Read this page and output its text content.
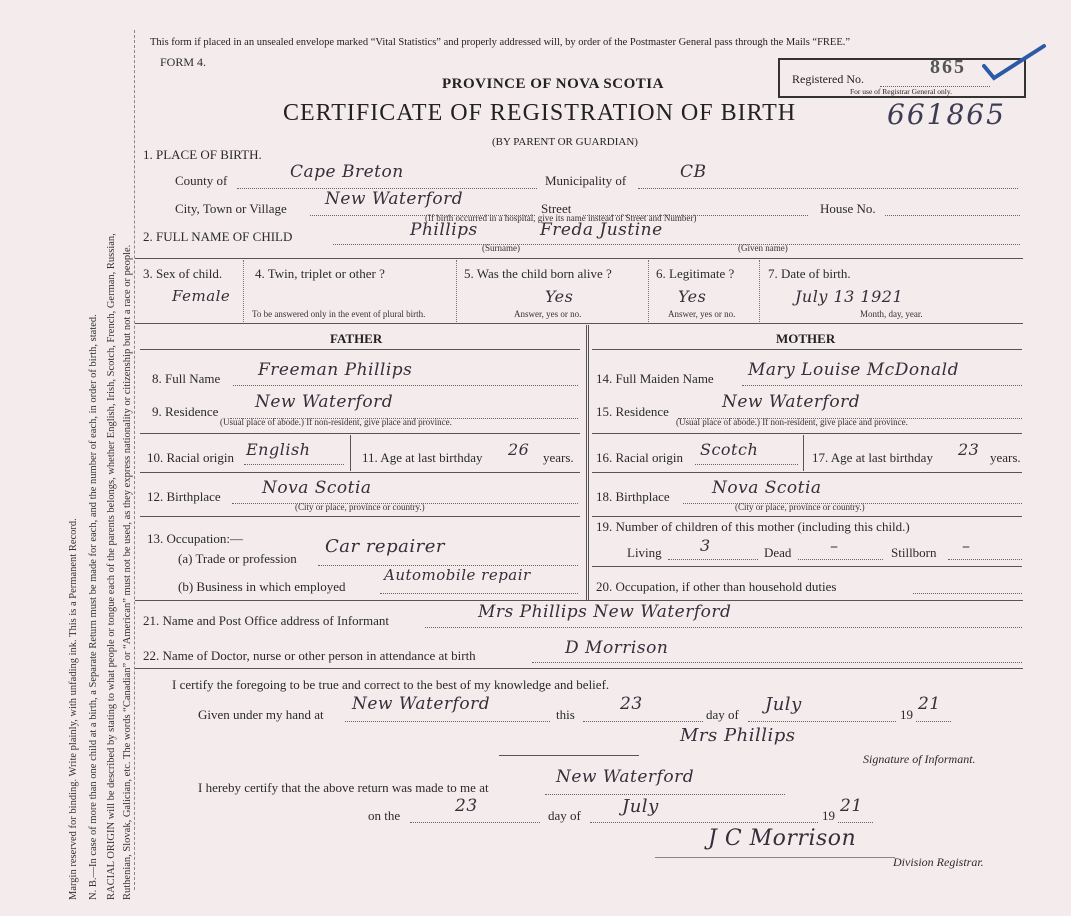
Margin reserved for binding. Write plainly, with unfading ink. This is a Permanent Record. N. B.—In case of more than one child at a birth, a Separate Return must be made for each, and the number of each, in order of birth, stated. RACIAL ORIGIN will be described by stating to what people or tongue each of the parents belongs, whether English, Irish, Scotch, French, German, Russian, Ruthenian, Slovak, Galician, etc. The words “Canadian” or “American” must not be used, as they express nationality or citizenship but not a race or people.
This form if placed in an unsealed envelope marked “Vital Statistics” and properly addressed will, by order of the Postmaster General pass through the Mails “FREE.”
FORM 4.
PROVINCE OF NOVA SCOTIA	Registered No.
865
For use of Registrar General only.
CERTIFICATE OF REGISTRATION OF BIRTH	661865
(BY PARENT OR GUARDIAN)
1. PLACE OF BIRTH.
County of	Cape Breton	Municipality of	CB
City, Town or Village New Waterford	Street	House No.
(If birth occurred in a hospital, give its name instead of Street and Number)
2. FULL NAME OF CHILD	Phillips	Freda Justine
(Surname)	(Given name)
3. Sex of child.
Female
4. Twin, triplet or other ?
To be answered only in the event of plural birth.
5. Was the child born alive ?
Yes
Answer, yes or no.
6. Legitimate ?
Yes
Answer, yes or no.
7. Date of birth.
July 13 1921
Month, day, year.
FATHER	MOTHER
8. Full Name Freeman Phillips
9. Residence New Waterford
(Usual place of abode.) If non-resident, give place and province.
10. Racial origin English	11. Age at last birthday 26 years.
12. Birthplace Nova Scotia
(City or place, province or country.)
13. Occupation:—
(a) Trade or profession
Car repairer
(b) Business in which employed
Automobile repair
14. Full Maiden Name Mary Louise McDonald
15. Residence	New Waterford
(Usual place of abode.) If non-resident, give place and province.
16. Racial origin Scotch	17. Age at last birthday 23 years.
18. Birthplace Nova Scotia
(City or place, province or country.)
19. Number of children of this mother (including this child.)
Living 3	Dead –	Stillborn –
20. Occupation, if other than household duties
21. Name and Post Office address of Informant	Mrs Phillips New Waterford
22. Name of Doctor, nurse or other person in attendance at birth	D Morrison
I certify the foregoing to be true and correct to the best of my knowledge and belief.
Given under my hand at
New Waterford
this
23
day of July	19
21
Mrs Phillips
Signature of Informant.
I hereby certify that the above return was made to me at
New Waterford
on the	23	day of July	19 21
J C Morrison
Division Registrar.
